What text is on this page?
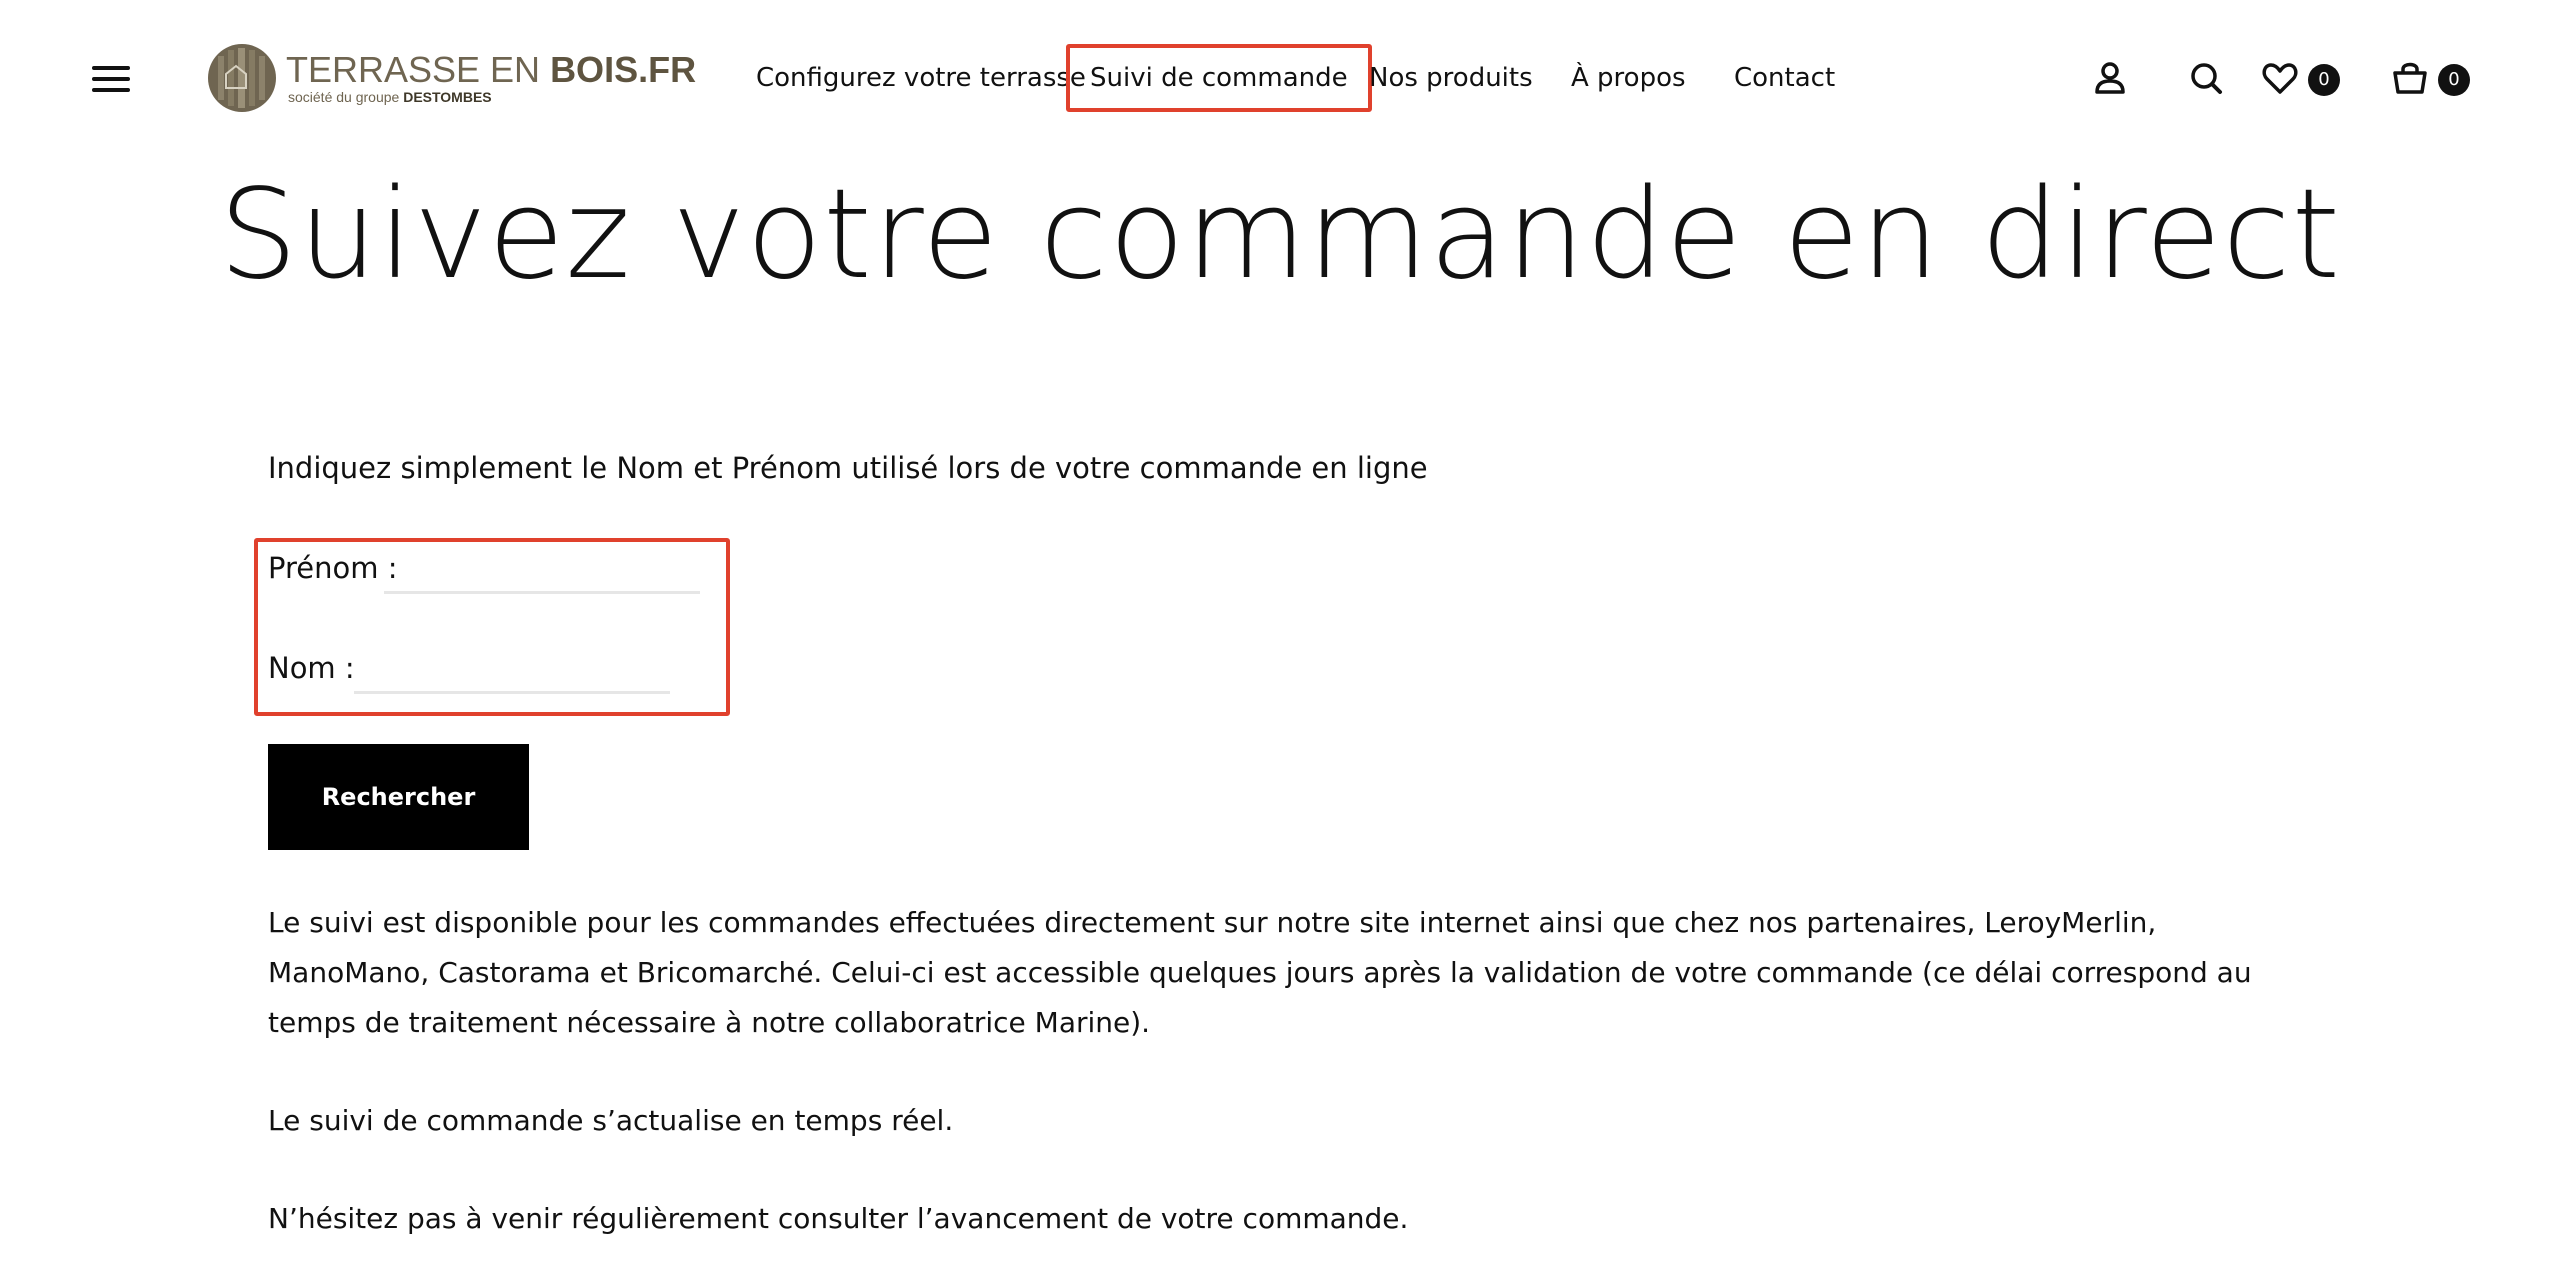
TERRASSE EN BOIS.FR
société du groupe DESTOMBES
Configurez votre terrasse Suivi de commande Nos produits À propos Contact	0	0
Suivez votre commande en direct
Indiquez simplement le Nom et Prénom utilisé lors de votre commande en ligne
Prénom :
Nom :
Rechercher

Le suivi est disponible pour les commandes effectuées directement sur notre site internet ainsi que chez nos partenaires, LeroyMerlin, ManoMano, Castorama et Bricomarché. Celui-ci est accessible quelques jours après la validation de votre commande (ce délai correspond au temps de traitement nécessaire à notre collaboratrice Marine).

Le suivi de commande s’actualise en temps réel.

N’hésitez pas à venir régulièrement consulter l’avancement de votre commande.
